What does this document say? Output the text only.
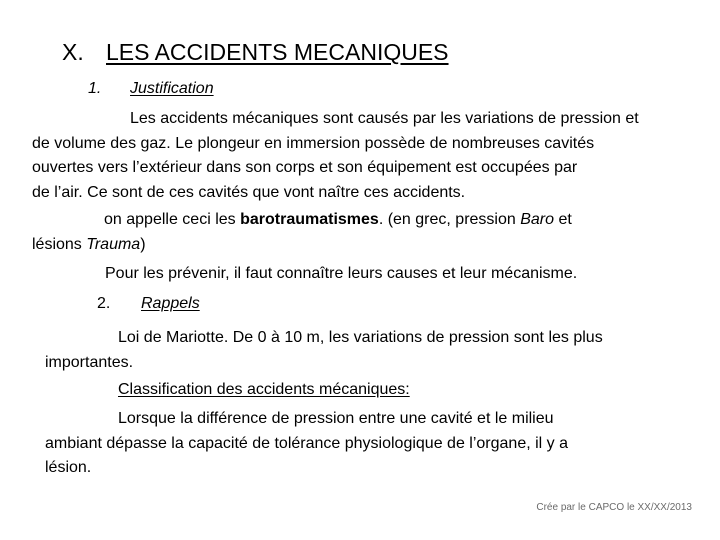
X. LES ACCIDENTS MECANIQUES
1. Justification
Les accidents mécaniques sont causés par les variations de pression et
de volume des gaz. Le plongeur en immersion possède de nombreuses cavités
ouvertes vers l’extérieur dans son corps et son équipement est occupées par
de l’air. Ce sont de ces cavités que vont naître ces accidents.
on appelle ceci les barotraumatismes. (en grec, pression Baro et
lésions Trauma)
Pour les prévenir, il faut connaître leurs causes et leur mécanisme.
2. Rappels
Loi de Mariotte. De 0 à 10 m, les variations de pression sont les plus
importantes.
Classification des accidents mécaniques:
Lorsque la différence de pression entre une cavité et le milieu
ambiant dépasse la capacité de tolérance physiologique de l’organe, il y a
lésion.
Crée par le CAPCO le XX/XX/2013
